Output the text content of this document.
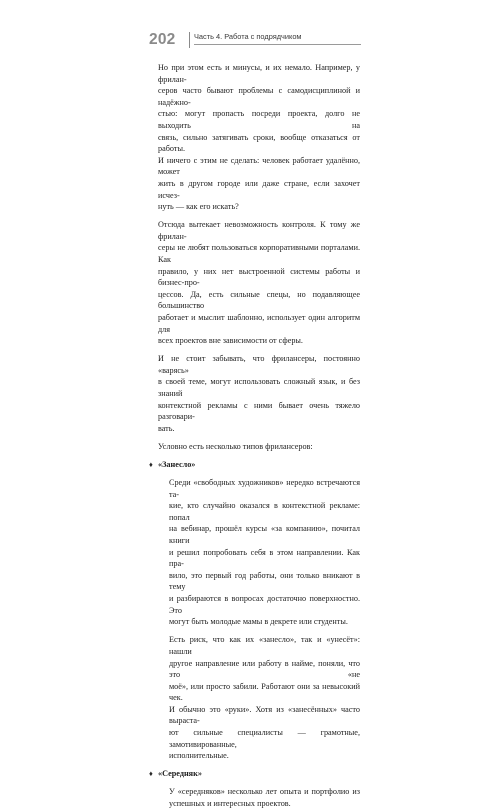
202	Часть 4. Работа с подрядчиком

Но при этом есть и минусы, и их немало. Например, у фрилан-
серов часто бывают проблемы с самодисциплиной и надёжно-
стью: могут пропасть посреди проекта, долго не выходить на
связь, сильно затягивать сроки, вообще отказаться от работы.
И ничего с этим не сделать: человек работает удалённо, может
жить в другом городе или даже стране, если захочет исчез-
нуть — как его искать?

Отсюда вытекает невозможность контроля. К тому же фрилан-
серы не любят пользоваться корпоративными порталами. Как
правило, у них нет выстроенной системы работы и бизнес-про-
цессов. Да, есть сильные спецы, но подавляющее большинство
работает и мыслит шаблонно, использует один алгоритм для
всех проектов вне зависимости от сферы.

И не стоит забывать, что фрилансеры, постоянно «варясь»
в своей теме, могут использовать сложный язык, и без знаний
контекстной рекламы с ними бывает очень тяжело разговари-
вать.

Условно есть несколько типов фрилансеров:

♦ «Занесло»

Среди «свободных художников» нередко встречаются та-
кие, кто случайно оказался в контекстной рекламе: попал
на вебинар, прошёл курсы «за компанию», почитал книги
и решил попробовать себя в этом направлении. Как пра-
вило, это первый год работы, они только вникают в тему
и разбираются в вопросах достаточно поверхностно. Это
могут быть молодые мамы в декрете или студенты.

Есть риск, что как их «занесло», так и «унесёт»: нашли
другое направление или работу в найме, поняли, что это «не
моё», или просто забили. Работают они за невысокий чек.
И обычно это «руки». Хотя из «занесённых» часто выраста-
ют сильные специалисты — грамотные, замотивированные,
исполнительные.

♦ «Середняк»

У «середняков» несколько лет опыта и портфолио из
успешных и интересных проектов.
